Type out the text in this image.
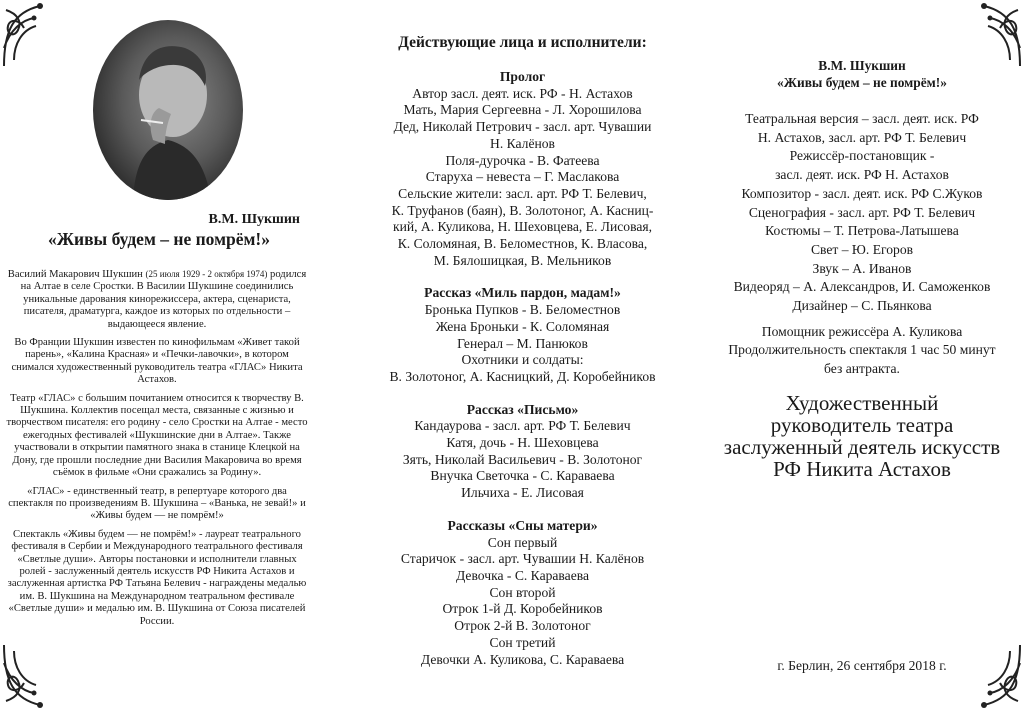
В.М. Шукшин
«Живы будем – не помрём!»

Василий Макарович Шукшин (25 июля 1929 - 2 октября 1974) родился на Алтае в селе Сростки. В Василии Шукшине соединились уникальные дарования кинорежиссера, актера, сценариста, писателя, драматурга, каждое из которых по отдельности – выдающееся явление.

Во Франции Шукшин известен по кинофильмам «Живет такой парень», «Калина Красная» и «Печки-лавочки», в котором снимался художественный руководитель театра «ГЛАС» Никита Астахов.

Театр «ГЛАС» с большим почитанием относится к творчеству В. Шукшина. Коллектив посещал места, связанные с жизнью и творчеством писателя: его родину - село Сростки на Алтае - место ежегодных фестивалей «Шукшинские дни в Алтае». Также участвовали в открытии памятного знака в станице Клецкой на Дону, где прошли последние дни Василия Макаровича во время съёмок в фильме «Они сражались за Родину».

«ГЛАС» - единственный театр, в репертуаре которого два спектакля по произведениям В. Шукшина – «Ванька, не зевай!» и «Живы будем — не помрём!»

Спектакль «Живы будем — не помрём!» - лауреат театрального фестиваля в Сербии и Международного театрального фестиваля «Светлые души». Авторы постановки и исполнители главных ролей - заслуженный деятель искусств РФ Никита Астахов и заслуженная артистка РФ Татьяна Белевич - награждены медалью им. В. Шукшина на Международном театральном фестивале «Светлые души» и медалью им. В. Шукшина от Союза писателей России.

Действующие лица и исполнители:
Пролог
Автор засл. деят. иск. РФ - Н. Астахов
Мать, Мария Сергеевна - Л. Хорошилова
Дед, Николай Петрович - засл. арт. Чувашии
Н. Калёнов
Поля-дурочка - В. Фатеева
Старуха – невеста – Г. Маслакова
Сельские жители: засл. арт. РФ Т. Белевич,
К. Труфанов (баян), В. Золотоног, А. Касниц-
кий, А. Куликова, Н. Шеховцева, Е. Лисовая,
К. Соломяная, В. Беломестнов, К. Власова,
М. Бялошицкая, В. Мельников
Рассказ «Миль пардон, мадам!»
Бронька Пупков - В. Беломестнов
Жена Броньки - К. Соломяная
Генерал – М. Панюков
Охотники и солдаты:
В. Золотоног, А. Касницкий, Д. Коробейников
Рассказ «Письмо»
Кандаурова - засл. арт. РФ Т. Белевич
Катя, дочь - Н. Шеховцева
Зять, Николай Васильевич - В. Золотоног
Внучка Светочка - С. Караваева
Ильчиха - Е. Лисовая
Рассказы «Сны матери»
Сон первый
Старичок - засл. арт. Чувашии Н. Калёнов
Девочка - С. Караваева
Сон второй
Отрок 1-й Д. Коробейников
Отрок 2-й В. Золотоног
Сон третий
Девочки А. Куликова, С. Караваева
В.М. Шукшин
«Живы будем – не помрём!»
Театральная версия – засл. деят. иск. РФ
Н. Астахов, засл. арт. РФ Т. Белевич
Режиссёр-постановщик -
засл. деят. иск. РФ Н. Астахов
Композитор - засл. деят. иск. РФ С.Жуков
Сценография - засл. арт. РФ Т. Белевич
Костюмы – Т. Петрова-Латышева
Свет – Ю. Егоров
Звук – А. Иванов
Видеоряд – А. Александров, И. Саможенков
Дизайнер – С. Пьянкова
Помощник режиссёра А. Куликова
Продолжительность спектакля 1 час 50 минут
без антракта.
Художественный
руководитель театра
заслуженный деятель искусств
РФ Никита Астахов
г. Берлин, 26 сентября 2018 г.
